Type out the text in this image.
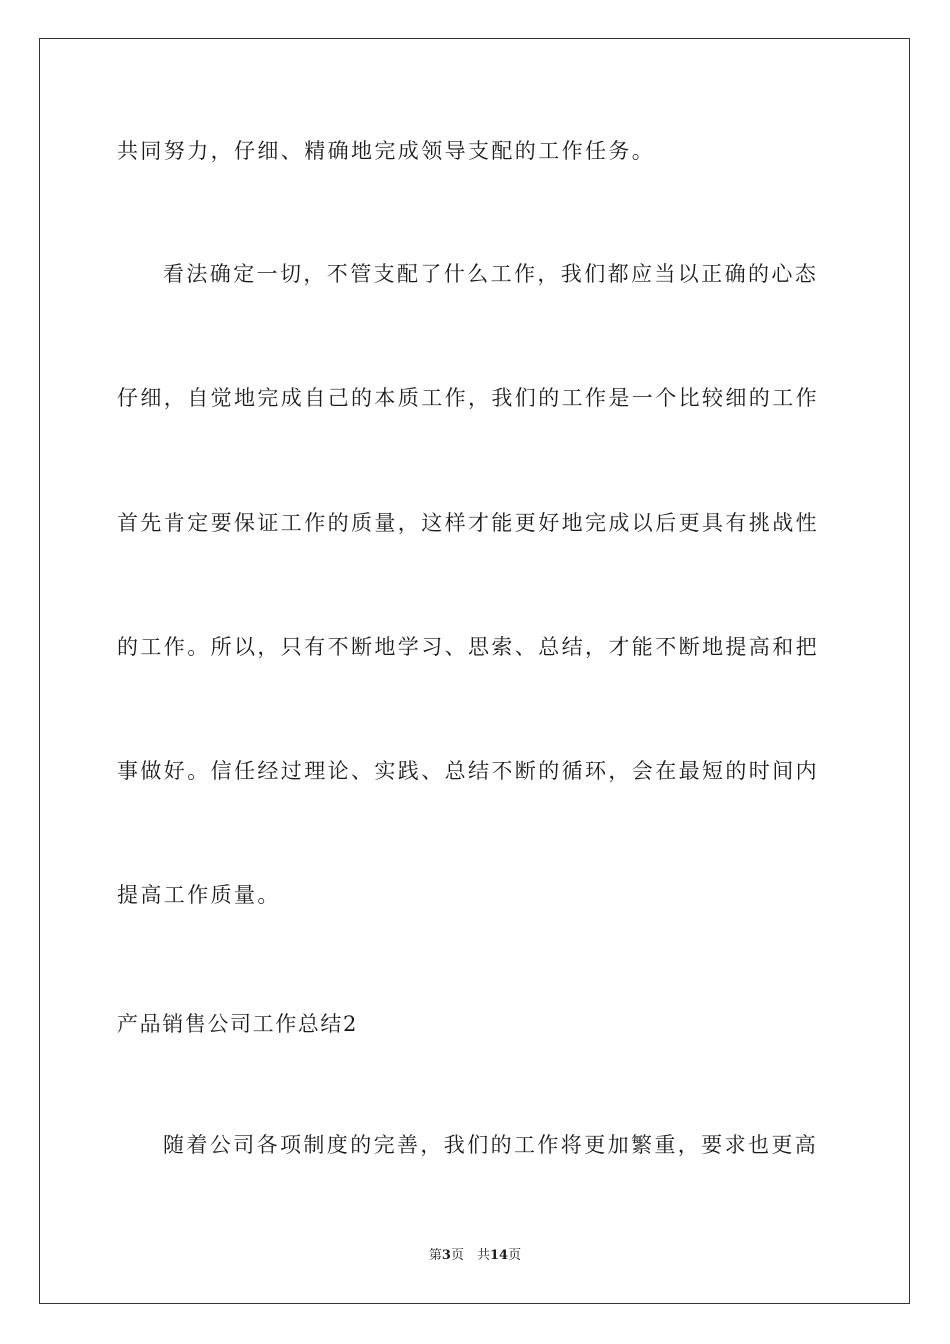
共同努力，仔细、精确地完成领导支配的工作任务。
看法确定一切，不管支配了什么工作，我们都应当以正确的心态
仔细，自觉地完成自己的本质工作，我们的工作是一个比较细的工作
首先肯定要保证工作的质量，这样才能更好地完成以后更具有挑战性
的工作。所以，只有不断地学习、思索、总结，才能不断地提高和把
事做好。信任经过理论、实践、总结不断的循环，会在最短的时间内
提高工作质量。
产品销售公司工作总结2
随着公司各项制度的完善，我们的工作将更加繁重，要求也更高
第3页　共14页
